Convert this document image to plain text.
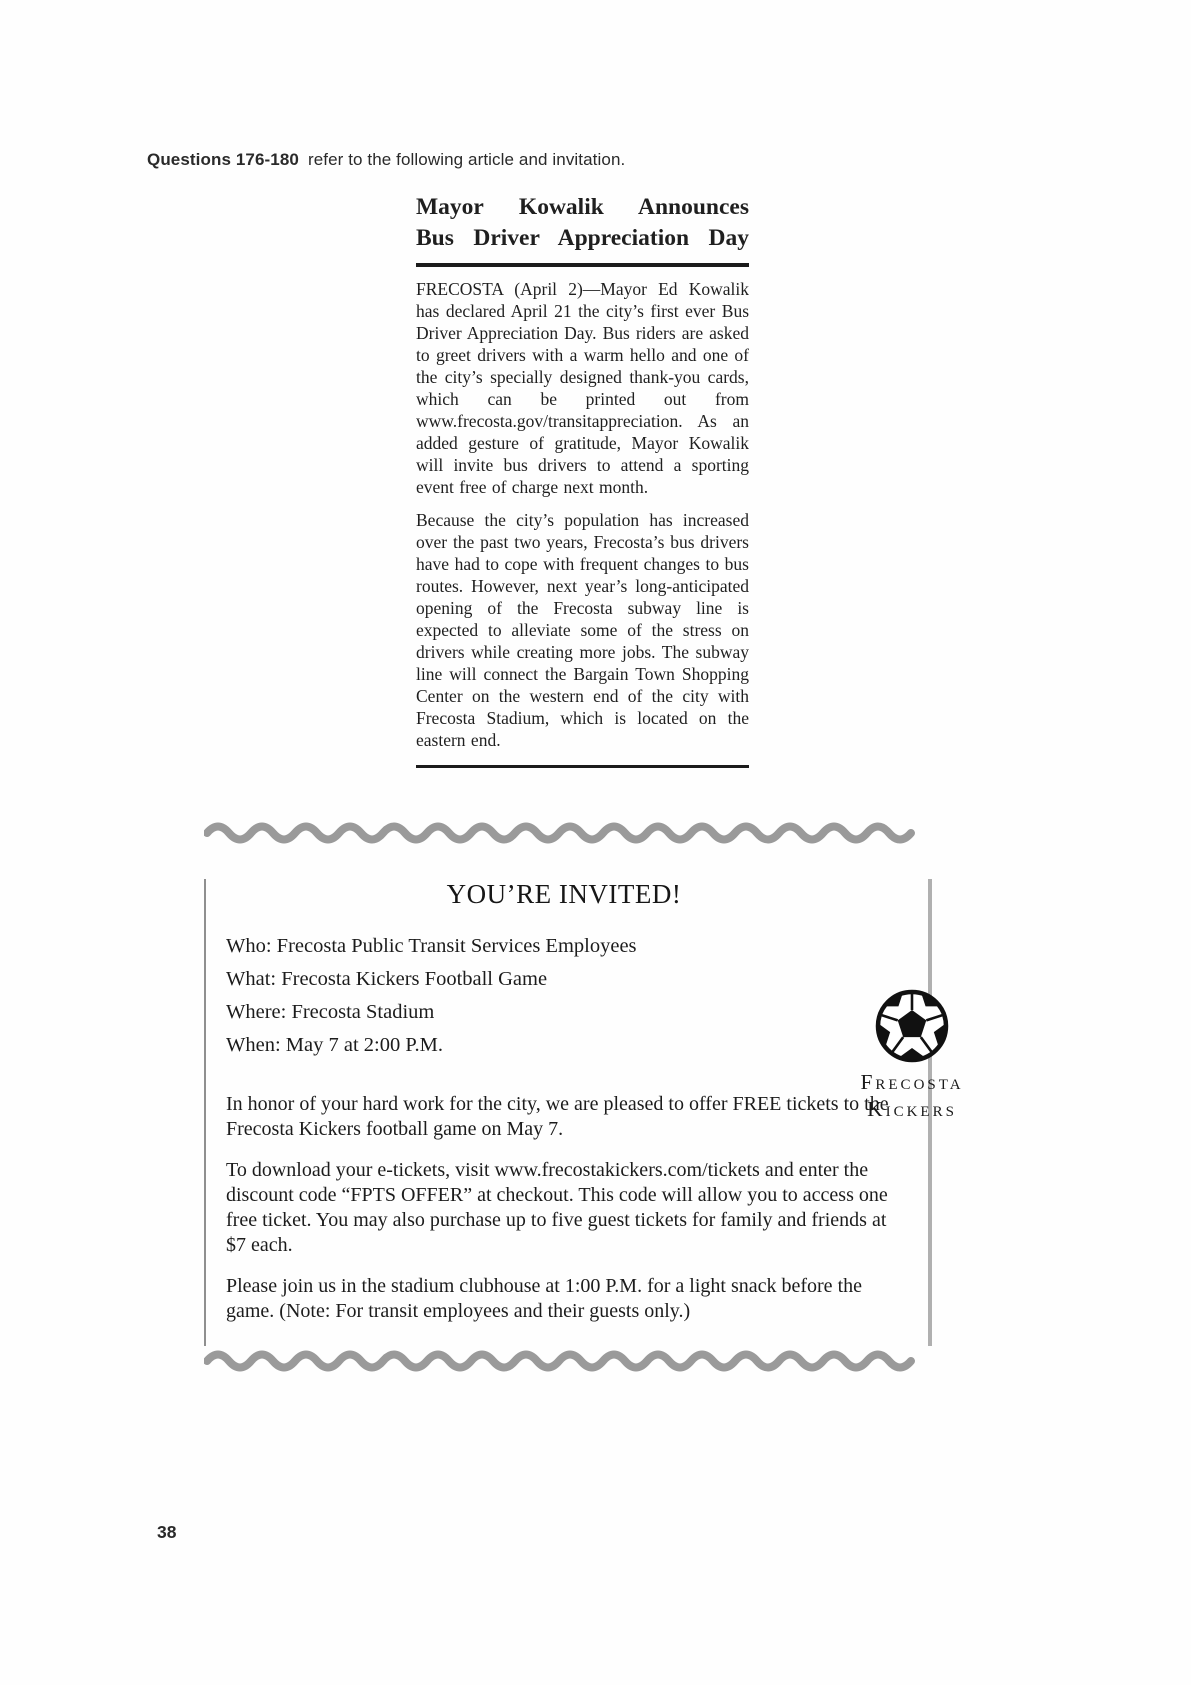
Questions 176-180 refer to the following article and invitation.
Mayor Kowalik Announces
Bus Driver Appreciation Day

FRECOSTA (April 2)—Mayor Ed Kowalik has declared April 21 the city’s first ever Bus Driver Appreciation Day. Bus riders are asked to greet drivers with a warm hello and one of the city’s specially designed thank-you cards, which can be printed out from www.frecosta.gov/transitappreciation. As an added gesture of gratitude, Mayor Kowalik will invite bus drivers to attend a sporting event free of charge next month.

Because the city’s population has increased over the past two years, Frecosta’s bus drivers have had to cope with frequent changes to bus routes. However, next year’s long-anticipated opening of the Frecosta subway line is expected to alleviate some of the stress on drivers while creating more jobs. The subway line will connect the Bargain Town Shopping Center on the western end of the city with Frecosta Stadium, which is located on the eastern end.

YOU’RE INVITED!
Who: Frecosta Public Transit Services Employees
What: Frecosta Kickers Football Game
Where: Frecosta Stadium
When: May 7 at 2:00 P.M.
Frecosta
Kickers

In honor of your hard work for the city, we are pleased to offer FREE tickets to the Frecosta Kickers football game on May 7.

To download your e-tickets, visit www.frecostakickers.com/tickets and enter the discount code “FPTS OFFER” at checkout. This code will allow you to access one free ticket. You may also purchase up to five guest tickets for family and friends at $7 each.

Please join us in the stadium clubhouse at 1:00 P.M. for a light snack before the game. (Note: For transit employees and their guests only.)

38
